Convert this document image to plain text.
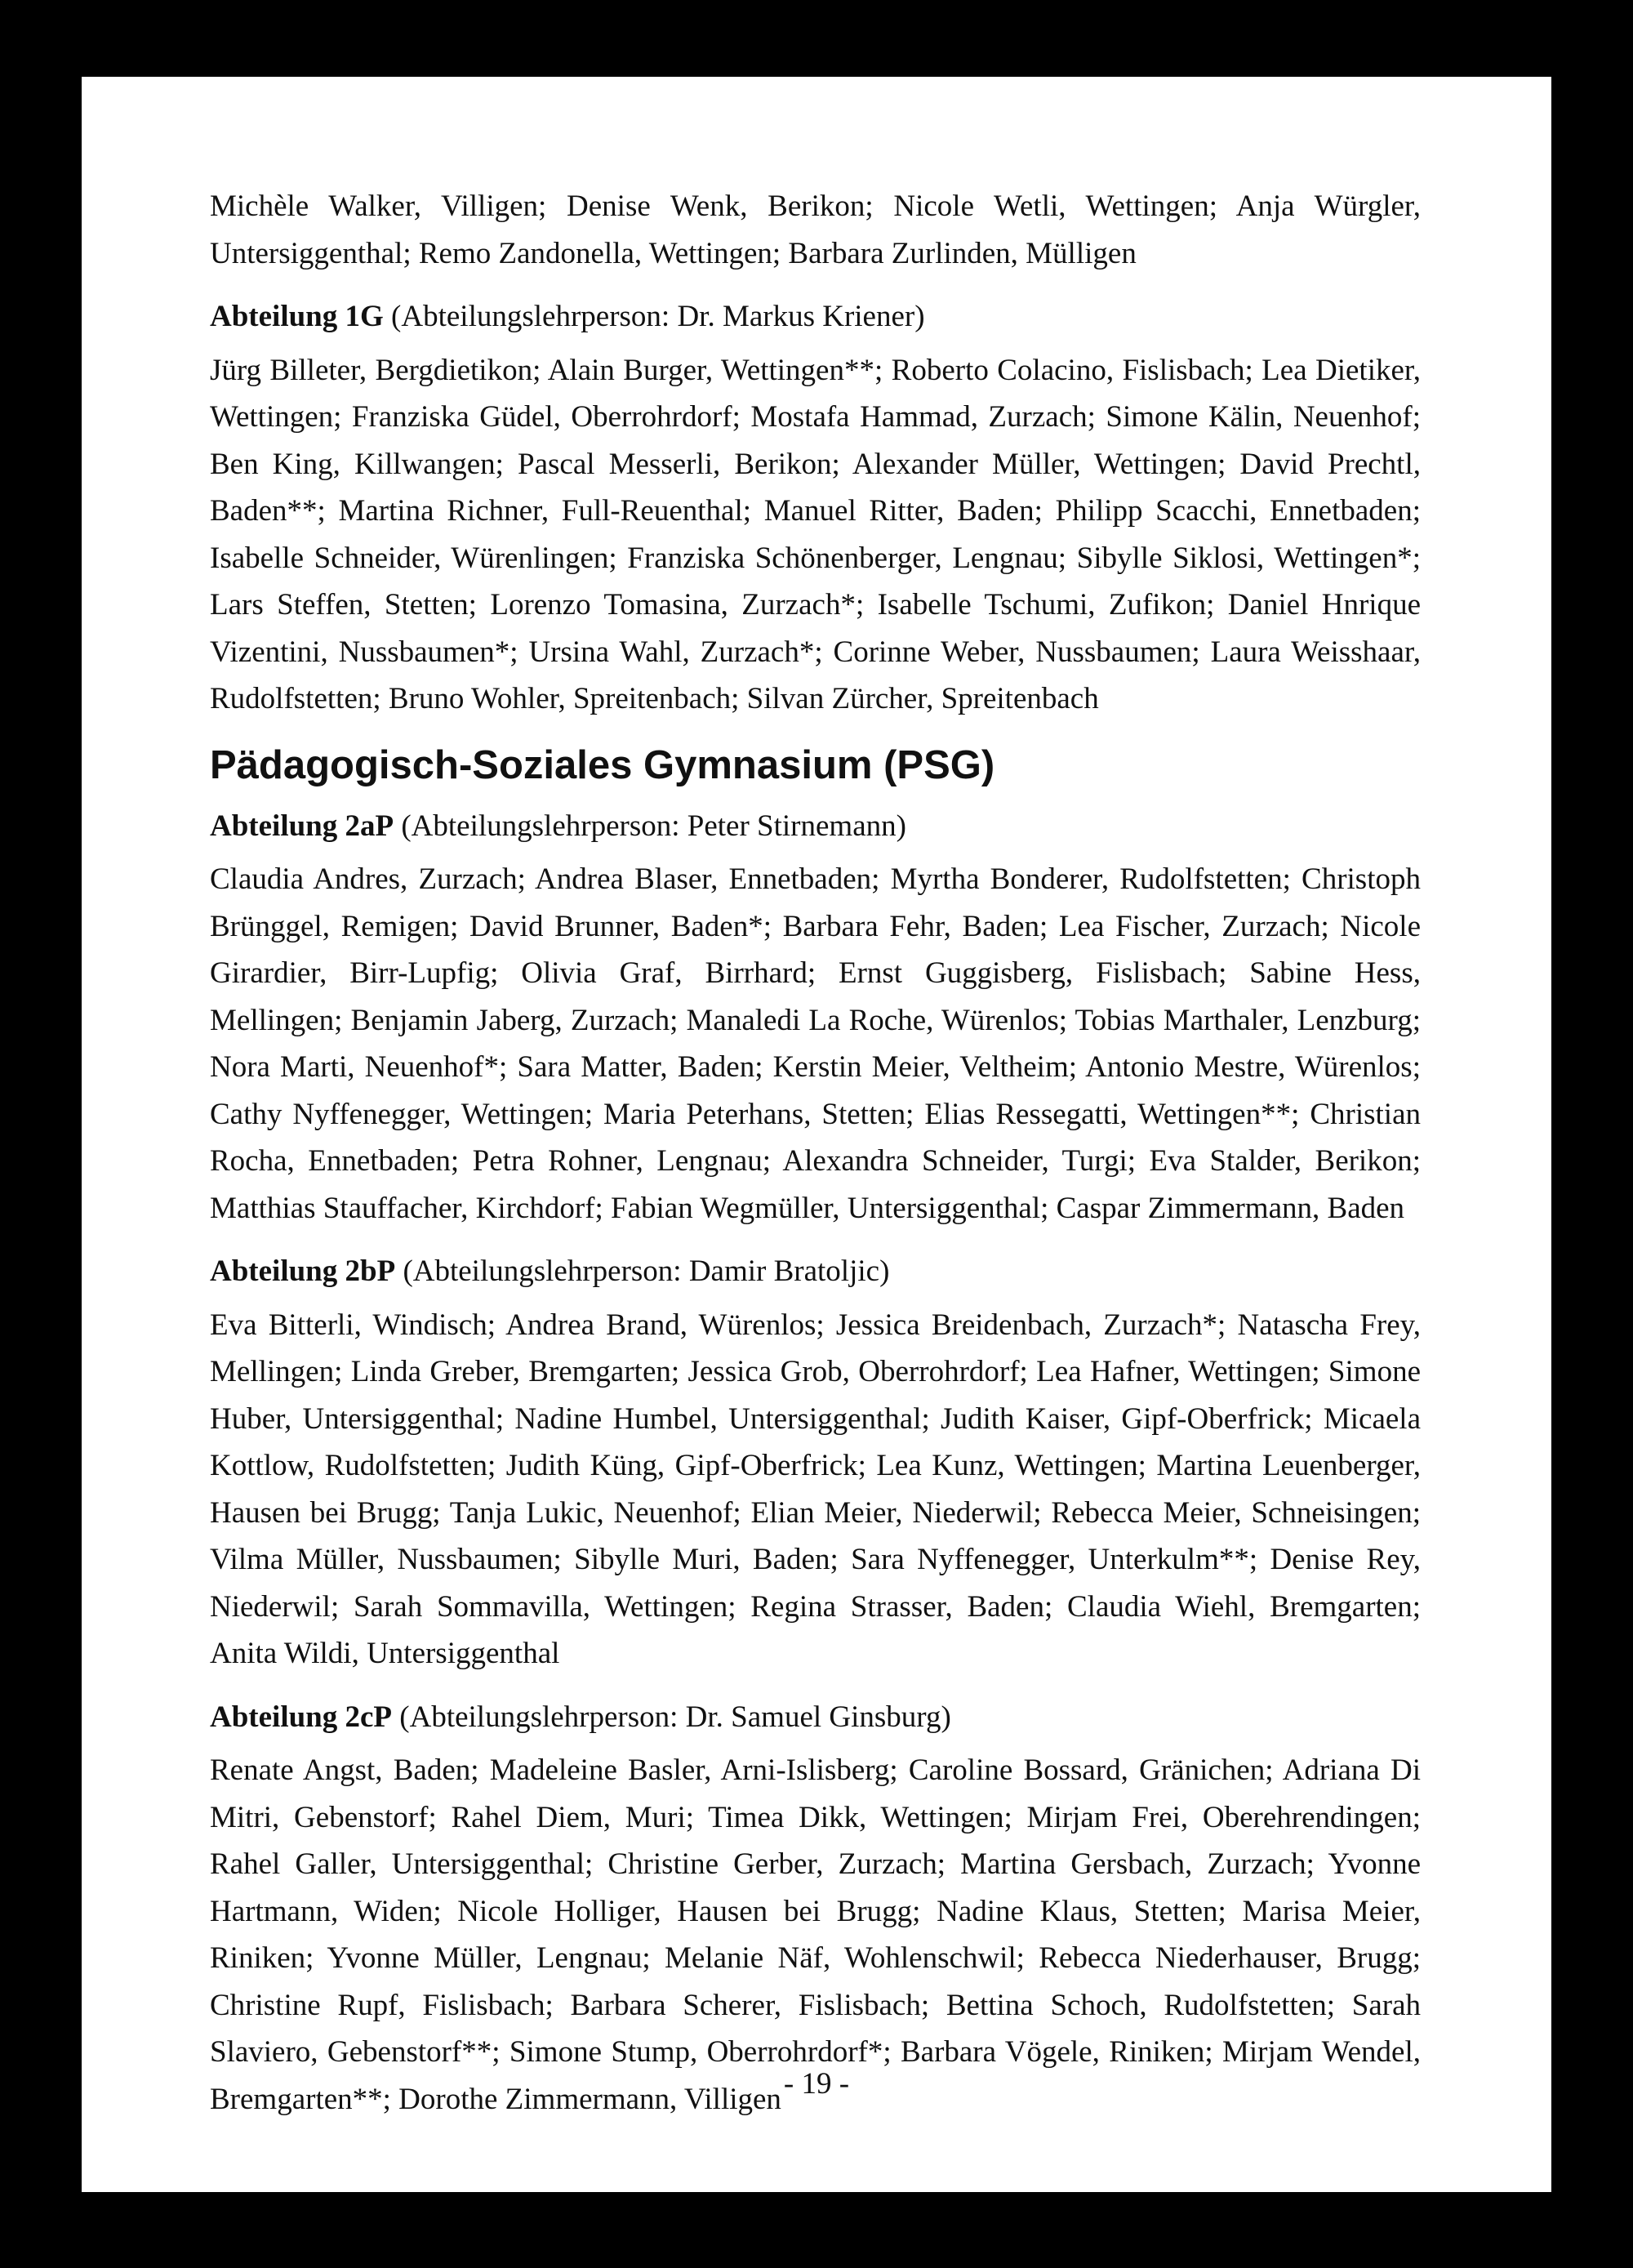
Michèle Walker, Villigen; Denise Wenk, Berikon; Nicole Wetli, Wettingen; Anja Würgler, Untersiggenthal; Remo Zandonella, Wettingen; Barbara Zurlinden, Mülligen

Abteilung 1G (Abteilungslehrperson: Dr. Markus Kriener)

Jürg Billeter, Bergdietikon; Alain Burger, Wettingen**; Roberto Colacino, Fislisbach; Lea Dietiker, Wettingen; Franziska Güdel, Oberrohrdorf; Mostafa Hammad, Zurzach; Simone Kälin, Neuenhof; Ben King, Killwangen; Pascal Messerli, Berikon; Alexander Müller, Wettingen; David Prechtl, Baden**; Martina Richner, Full-Reuenthal; Manuel Ritter, Baden; Philipp Scacchi, Ennetbaden; Isabelle Schneider, Würenlingen; Franziska Schönenberger, Lengnau; Sibylle Siklosi, Wettingen*; Lars Steffen, Stetten; Lorenzo Tomasina, Zurzach*; Isabelle Tschumi, Zufikon; Daniel Hnrique Vizentini, Nussbaumen*; Ursina Wahl, Zurzach*; Corinne Weber, Nussbaumen; Laura Weisshaar, Rudolfstetten; Bruno Wohler, Spreitenbach; Silvan Zürcher, Spreitenbach

Pädagogisch-Soziales Gymnasium (PSG)

Abteilung 2aP (Abteilungslehrperson: Peter Stirnemann)

Claudia Andres, Zurzach; Andrea Blaser, Ennetbaden; Myrtha Bonderer, Rudolfstetten; Christoph Brünggel, Remigen; David Brunner, Baden*; Barbara Fehr, Baden; Lea Fischer, Zurzach; Nicole Girardier, Birr-Lupfig; Olivia Graf, Birrhard; Ernst Guggisberg, Fislisbach; Sabine Hess, Mellingen; Benjamin Jaberg, Zurzach; Manaledi La Roche, Würenlos; Tobias Marthaler, Lenzburg; Nora Marti, Neuenhof*; Sara Matter, Baden; Kerstin Meier, Veltheim; Antonio Mestre, Würenlos; Cathy Nyffenegger, Wettingen; Maria Peterhans, Stetten; Elias Ressegatti, Wettingen**; Christian Rocha, Ennetbaden; Petra Rohner, Lengnau; Alexandra Schneider, Turgi; Eva Stalder, Berikon; Matthias Stauffacher, Kirchdorf; Fabian Wegmüller, Untersiggenthal; Caspar Zimmermann, Baden

Abteilung 2bP (Abteilungslehrperson: Damir Bratoljic)

Eva Bitterli, Windisch; Andrea Brand, Würenlos; Jessica Breidenbach, Zurzach*; Natascha Frey, Mellingen; Linda Greber, Bremgarten; Jessica Grob, Oberrohrdorf; Lea Hafner, Wettingen; Simone Huber, Untersiggenthal; Nadine Humbel, Untersiggenthal; Judith Kaiser, Gipf-Oberfrick; Micaela Kottlow, Rudolfstetten; Judith Küng, Gipf-Oberfrick; Lea Kunz, Wettingen; Martina Leuenberger, Hausen bei Brugg; Tanja Lukic, Neuenhof; Elian Meier, Niederwil; Rebecca Meier, Schneisingen; Vilma Müller, Nussbaumen; Sibylle Muri, Baden; Sara Nyffenegger, Unterkulm**; Denise Rey, Niederwil; Sarah Sommavilla, Wettingen; Regina Strasser, Baden; Claudia Wiehl, Bremgarten; Anita Wildi, Untersiggenthal

Abteilung 2cP (Abteilungslehrperson: Dr. Samuel Ginsburg)

Renate Angst, Baden; Madeleine Basler, Arni-Islisberg; Caroline Bossard, Gränichen; Adriana Di Mitri, Gebenstorf; Rahel Diem, Muri; Timea Dikk, Wettingen; Mirjam Frei, Oberehrendingen; Rahel Galler, Untersiggenthal; Christine Gerber, Zurzach; Martina Gersbach, Zurzach; Yvonne Hartmann, Widen; Nicole Holliger, Hausen bei Brugg; Nadine Klaus, Stetten; Marisa Meier, Riniken; Yvonne Müller, Lengnau; Melanie Näf, Wohlenschwil; Rebecca Niederhauser, Brugg; Christine Rupf, Fislisbach; Barbara Scherer, Fislisbach; Bettina Schoch, Rudolfstetten; Sarah Slaviero, Gebenstorf**; Simone Stump, Oberrohrdorf*; Barbara Vögele, Riniken; Mirjam Wendel, Bremgarten**; Dorothe Zimmermann, Villigen - 19 -
